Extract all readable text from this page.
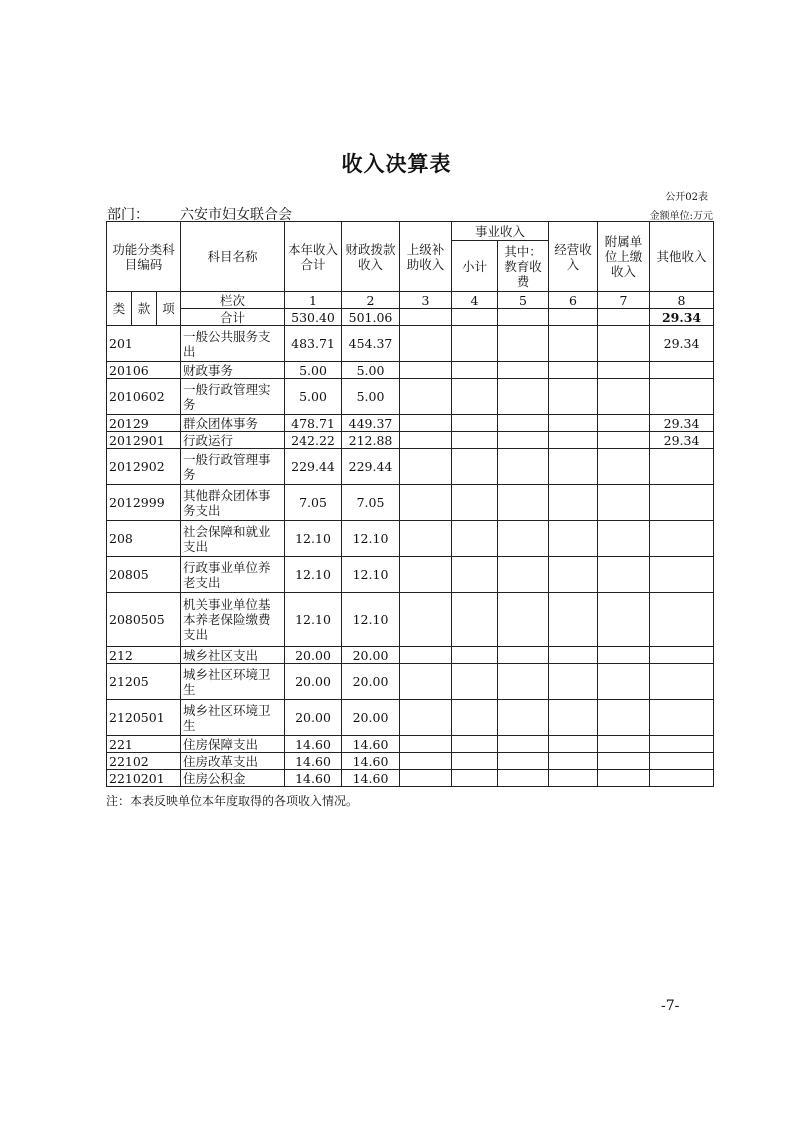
收入决算表
公开02表
部门： 六安市妇女联合会	金额单位:万元
功能分类科目编码			科目名称	本年收入合计	财政拨款收入	上级补助收入	事业收入		经营收入	附属单位上缴收入	其他收入
							小计	其中：教育收费			
类	款	项	栏次	1	2	3	4	5	6	7	8
			合计	530.40	501.06						29.34
201			一般公共服务支出	483.71	454.37						29.34
20106			财政事务	5.00	5.00						
2010602			一般行政管理实务	5.00	5.00						
20129			群众团体事务	478.71	449.37						29.34
2012901			行政运行	242.22	212.88						29.34
2012902			一般行政管理事务	229.44	229.44						
2012999			其他群众团体事务支出	7.05	7.05						
208			社会保障和就业支出	12.10	12.10						
20805			行政事业单位养老支出	12.10	12.10						
2080505			机关事业单位基本养老保险缴费支出	12.10	12.10						
212			城乡社区支出	20.00	20.00						
21205			城乡社区环境卫生	20.00	20.00						
2120501			城乡社区环境卫生	20.00	20.00						
221			住房保障支出	14.60	14.60						
22102			住房改革支出	14.60	14.60						
2210201			住房公积金	14.60	14.60						
注：本表反映单位本年度取得的各项收入情况。
-7-
